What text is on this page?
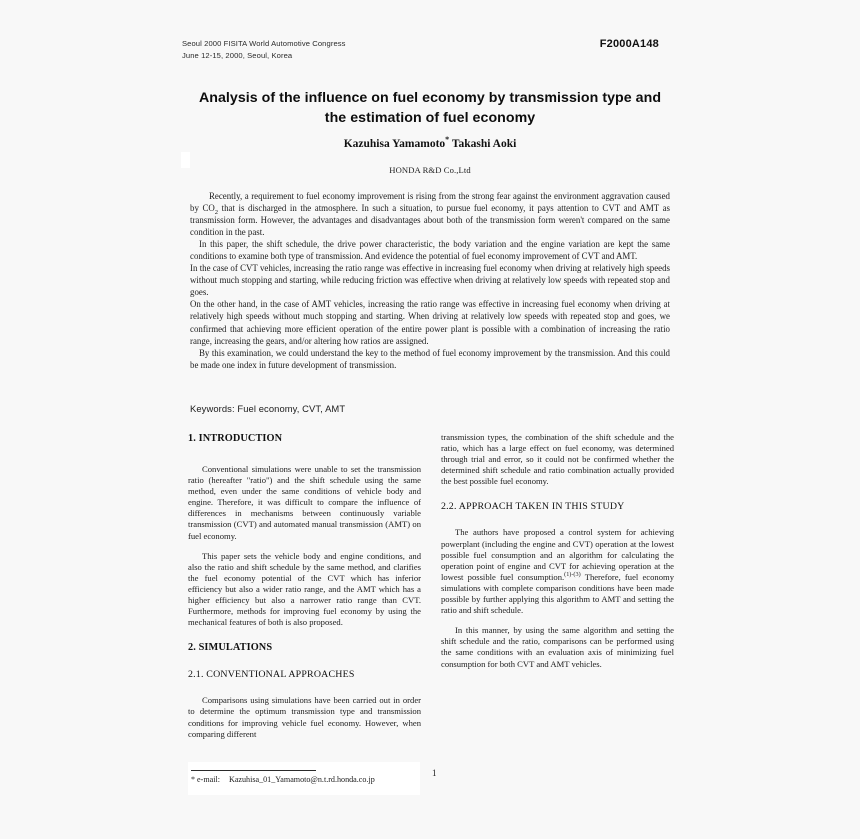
Seoul 2000 FISITA World Automotive Congress
June 12-15, 2000, Seoul, Korea
F2000A148
Analysis of the influence on fuel economy by transmission type and the estimation of fuel economy
Kazuhisa Yamamoto* Takashi Aoki
HONDA R&D Co.,Ltd

Recently, a requirement to fuel economy improvement is rising from the strong fear against the environment aggravation caused by $CO_2$ that is discharged in the atmosphere. In such a situation, to pursue fuel economy, it pays attention to CVT and AMT as transmission form. However, the advantages and disadvantages about both of the transmission form weren't compared on the same condition in the past.

In this paper, the shift schedule, the drive power characteristic, the body variation and the engine variation are kept the same conditions to examine both type of transmission. And evidence the potential of fuel economy improvement of CVT and AMT.

In the case of CVT vehicles, increasing the ratio range was effective in increasing fuel economy when driving at relatively high speeds without much stopping and starting, while reducing friction was effective when driving at relatively low speeds with repeated stop and goes.

On the other hand, in the case of AMT vehicles, increasing the ratio range was effective in increasing fuel economy when driving at relatively high speeds without much stopping and starting. When driving at relatively low speeds with repeated stop and goes, we confirmed that achieving more efficient operation of the entire power plant is possible with a combination of increasing the ratio range, increasing the gears, and/or altering how ratios are assigned.

By this examination, we could understand the key to the method of fuel economy improvement by the transmission. And this could be made one index in future development of transmission.

Keywords: Fuel economy, CVT, AMT
1. INTRODUCTION

Conventional simulations were unable to set the transmission ratio (hereafter "ratio") and the shift schedule using the same method, even under the same conditions of vehicle body and engine. Therefore, it was difficult to compare the influence of differences in mechanisms between continuously variable transmission (CVT) and automated manual transmission (AMT) on fuel economy.

This paper sets the vehicle body and engine conditions, and also the ratio and shift schedule by the same method, and clarifies the fuel economy potential of the CVT which has inferior efficiency but also a wider ratio range, and the AMT which has a higher efficiency but also a narrower ratio range than CVT. Furthermore, methods for improving fuel economy by using the mechanical features of both is also proposed.

2. SIMULATIONS
2.1. CONVENTIONAL APPROACHES

Comparisons using simulations have been carried out in order to determine the optimum transmission type and transmission conditions for improving vehicle fuel economy. However, when comparing different

transmission types, the combination of the shift schedule and the ratio, which has a large effect on fuel economy, was determined through trial and error, so it could not be confirmed whether the determined shift schedule and ratio combination actually provided the best possible fuel economy.

2.2. APPROACH TAKEN IN THIS STUDY

The authors have proposed a control system for achieving powerplant (including the engine and CVT) operation at the lowest possible fuel consumption and an algorithm for calculating the operation point of engine and CVT for achieving operation at the lowest possible fuel consumption.$^{(1)-(3)}$ Therefore, fuel economy simulations with complete comparison conditions have been made possible by further applying this algorithm to AMT and setting the ratio and shift schedule.

In this manner, by using the same algorithm and setting the shift schedule and the ratio, comparisons can be performed using the same conditions with an evaluation axis of minimizing fuel consumption for both CVT and AMT vehicles.

* e-mail: Kazuhisa_01_Yamamoto@n.t.rd.honda.co.jp
1
